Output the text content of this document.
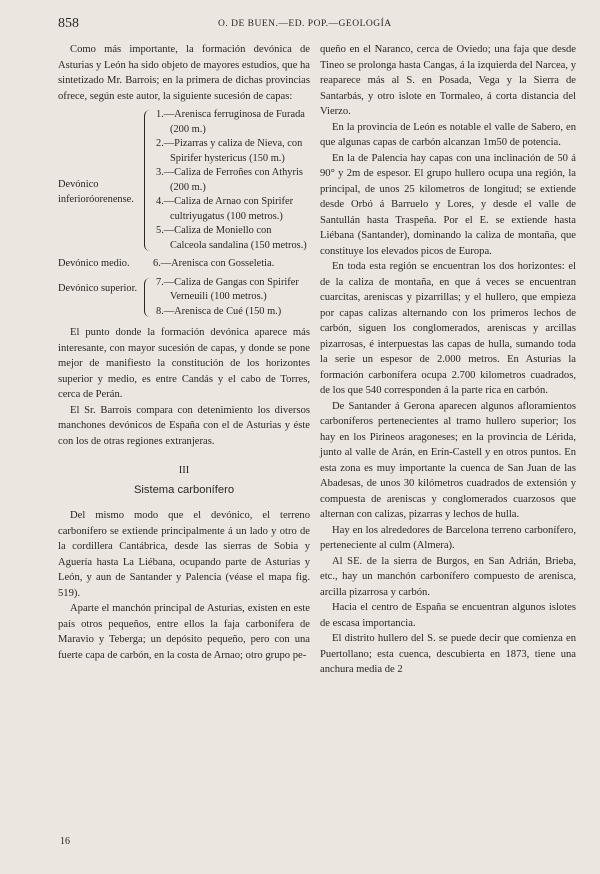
858	O. DE BUEN.—ED. POP.—GEOLOGÍA

Como más importante, la formación devónica de Asturias y León ha sido objeto de mayores estudios, que ha sintetizado Mr. Barrois; en la primera de dichas provincias ofrece, según este autor, la siguiente sucesión de capas:

Devónico inferioróorenense.
1.—Arenisca ferruginosa de Furada (200 m.)
2.—Pizarras y caliza de Nieva, con Spirifer hystericus (150 m.)
3.—Caliza de Ferroñes con Athyris (200 m.)
4.—Caliza de Arnao con Spirifer cultriyugatus (100 metros.)
5.—Caliza de Moniello con Calceola sandalina (150 metros.)
Devónico medio.	6.—Arenisca con Gosseletia.
Devónico superior.
7.—Caliza de Gangas con Spirifer Verneuili (100 metros.)
8.—Arenisca de Cué (150 m.)

El punto donde la formación devónica aparece más interesante, con mayor sucesión de capas, y donde se pone mejor de manifiesto la constitución de los horizontes superior y medio, es entre Candás y el cabo de Torres, cerca de Perán.

El Sr. Barrois compara con detenimiento los diversos manchones devónicos de España con el de Asturias y éste con los de otras regiones extranjeras.

III

Sistema carbonífero

Del mismo modo que el devónico, el terreno carbonífero se extiende principalmente á un lado y otro de la cordillera Cantábrica, desde las sierras de Sobia y Aguería hasta La Liébana, ocupando parte de Asturias y León, y aun de Santander y Palencia (véase el mapa fig. 519).

Aparte el manchón principal de Asturias, existen en este país otros pequeños, entre ellos la faja carbonífera de Maravio y Teberga; un depósito pequeño, pero con una fuerte capa de carbón, en la costa de Arnao; otro grupo pe-

queño en el Naranco, cerca de Oviedo; una faja que desde Tineo se prolonga hasta Cangas, á la izquierda del Narcea, y reaparece más al S. en Posada, Vega y la Sierra de Santarbás, y otro islote en Tormaleo, á corta distancia del Vierzo.

En la provincia de León es notable el valle de Sabero, en que algunas capas de carbón alcanzan 1m50 de potencia.

En la de Palencia hay capas con una inclinación de 50 á 90° y 2m de espesor. El grupo hullero ocupa una región, la principal, de unos 25 kilometros de longitud; se extiende desde Orbó á Barruelo y Lores, y desde el valle de Santullán hasta Traspeña. Por el E. se extiende hasta Liébana (Santander), dominando la caliza de montaña, que constituye los elevados picos de Europa.

En toda esta región se encuentran los dos horizontes: el de la caliza de montaña, en que á veces se encuentran cuarcitas, areniscas y pizarrillas; y el hullero, que empieza por capas calizas alternando con los primeros lechos de carbón, siguen los conglomerados, areniscas y arcillas pizarrosas, é interpuestas las capas de hulla, sumando toda la serie un espesor de 2.000 metros. En Asturias la formación carbonífera ocupa 2.700 kilometros cuadrados, de los que 540 corresponden á la parte rica en carbón.

De Santander á Gerona aparecen algunos afloramientos carboníferos pertenecientes al tramo hullero superior; los hay en los Pirineos aragoneses; en la provincia de Lérida, junto al valle de Arán, en Erín-Castell y en otros puntos. En esta zona es muy importante la cuenca de San Juan de las Abadesas, de unos 30 kilómetros cuadrados de extensión y compuesta de areniscas y conglomerados cuarzosos que alternan con calizas, pizarras y lechos de hulla.

Hay en los alrededores de Barcelona terreno carbonífero, perteneciente al culm (Almera).

Al SE. de la sierra de Burgos, en San Adrián, Brieba, etc., hay un manchón carbonífero compuesto de arenisca, arcilla pizarrosa y carbón.

Hacia el centro de España se encuentran algunos islotes de escasa importancia.

El distrito hullero del S. se puede decir que comienza en Puertollano; esta cuenca, descubierta en 1873, tiene una anchura media de 2

16
